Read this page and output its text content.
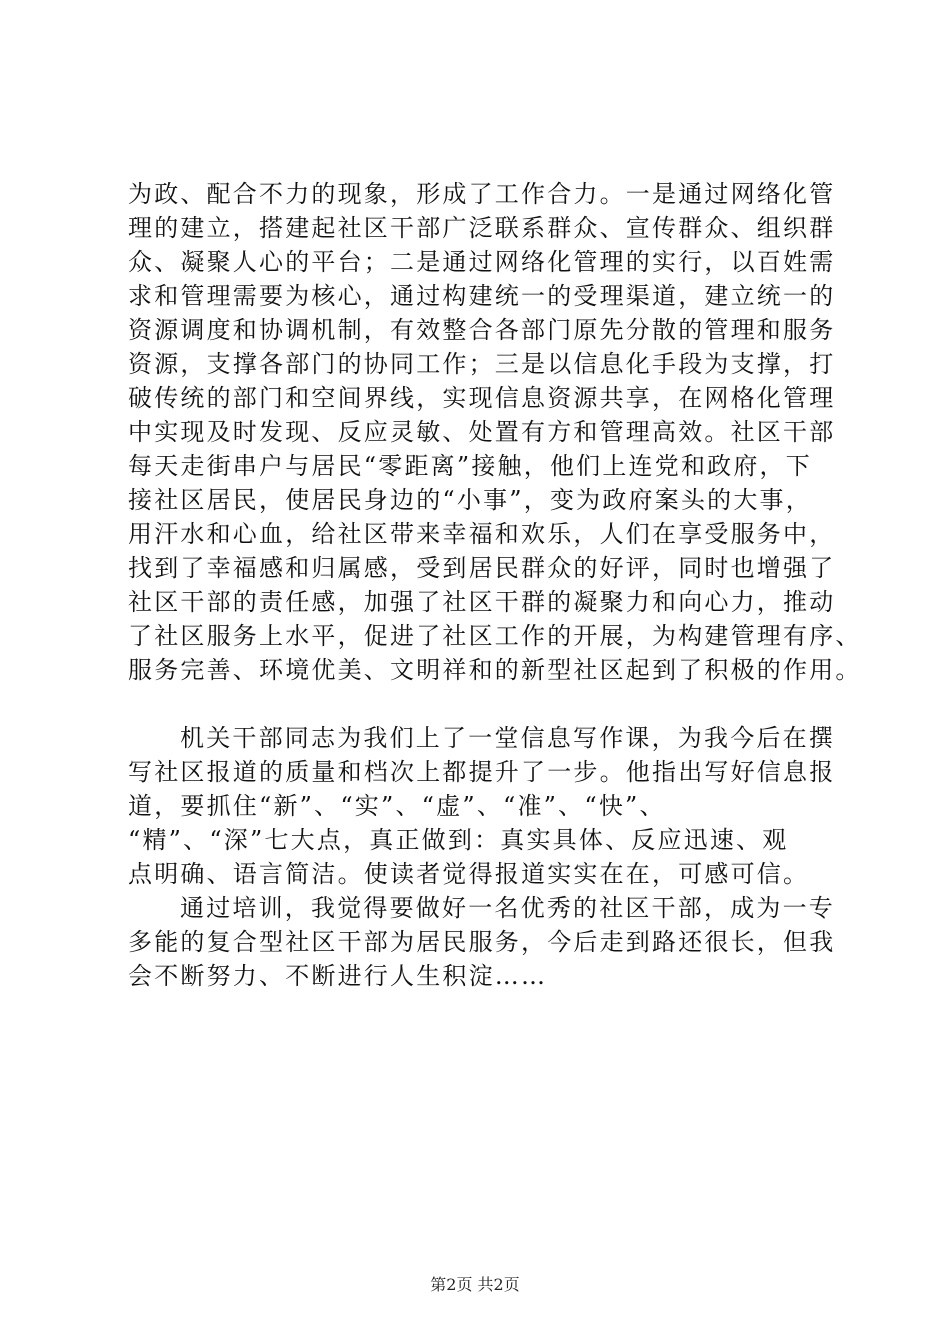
为政、配合不力的现象，形成了工作合力。一是通过网络化管
理的建立，搭建起社区干部广泛联系群众、宣传群众、组织群
众、凝聚人心的平台；二是通过网络化管理的实行，以百姓需
求和管理需要为核心，通过构建统一的受理渠道，建立统一的
资源调度和协调机制，有效整合各部门原先分散的管理和服务
资源，支撑各部门的协同工作；三是以信息化手段为支撑，打
破传统的部门和空间界线，实现信息资源共享，在网格化管理
中实现及时发现、反应灵敏、处置有方和管理高效。社区干部
每天走街串户与居民“零距离”接触，他们上连党和政府，下
接社区居民，使居民身边的“小事”，变为政府案头的大事，
用汗水和心血，给社区带来幸福和欢乐，人们在享受服务中，
找到了幸福感和归属感，受到居民群众的好评，同时也增强了
社区干部的责任感，加强了社区干群的凝聚力和向心力，推动
了社区服务上水平，促进了社区工作的开展，为构建管理有序、
服务完善、环境优美、文明祥和的新型社区起到了积极的作用。
机关干部同志为我们上了一堂信息写作课，为我今后在撰
写社区报道的质量和档次上都提升了一步。他指出写好信息报
道，要抓住“新”、“实”、“虚”、“准”、“快”、
“精”、“深”七大点，真正做到：真实具体、反应迅速、观
点明确、语言简洁。使读者觉得报道实实在在，可感可信。
通过培训，我觉得要做好一名优秀的社区干部，成为一专
多能的复合型社区干部为居民服务，今后走到路还很长，但我
会不断努力、不断进行人生积淀……
第2页 共2页
